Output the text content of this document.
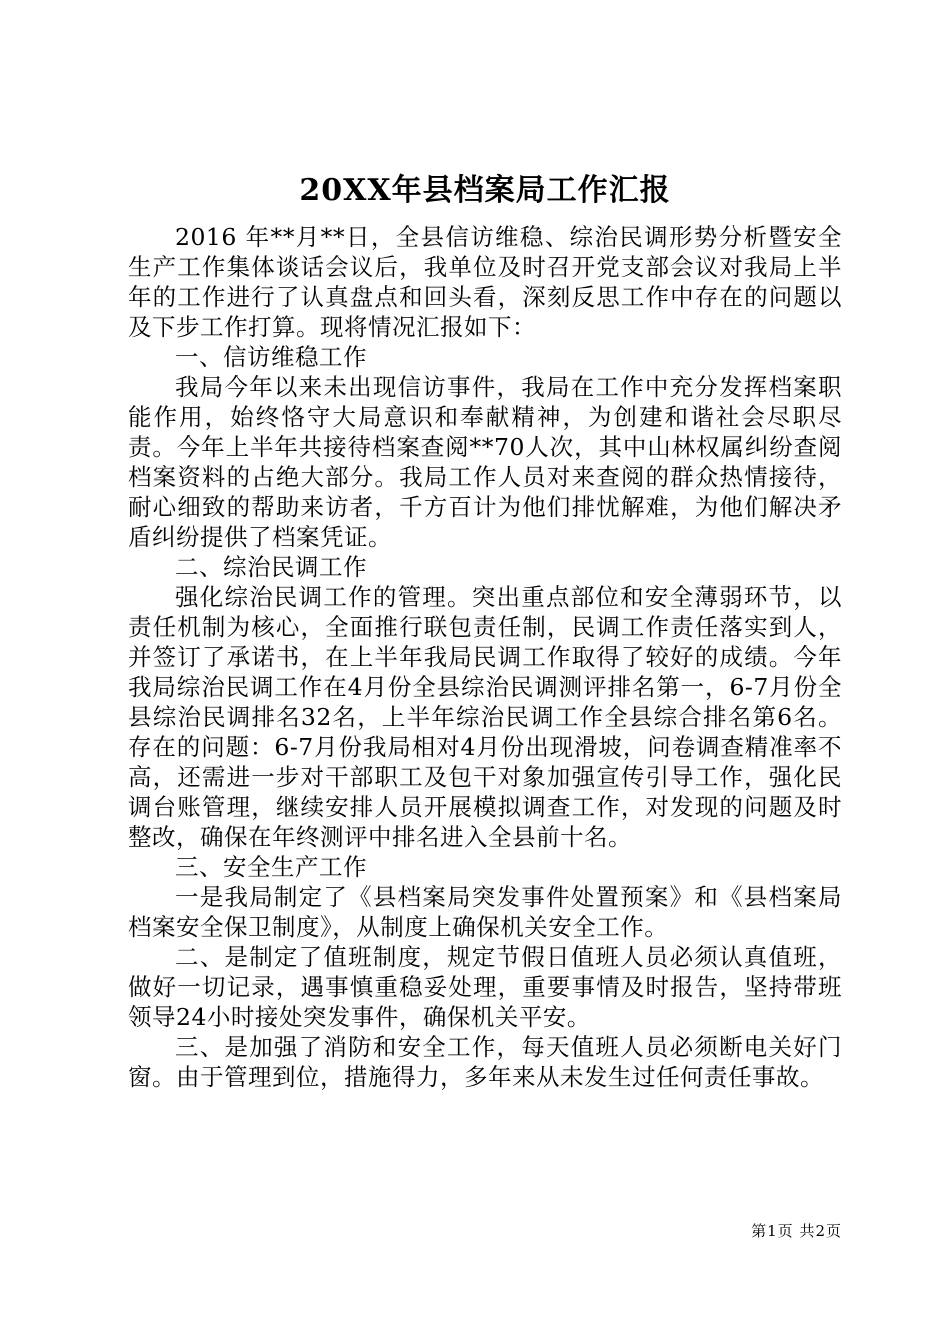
20XX年县档案局工作汇报

2016 年**月**日，全县信访维稳、综治民调形势分析暨安全生产工作集体谈话会议后，我单位及时召开党支部会议对我局上半年的工作进行了认真盘点和回头看，深刻反思工作中存在的问题以及下步工作打算。现将情况汇报如下：

一、信访维稳工作

我局今年以来未出现信访事件，我局在工作中充分发挥档案职能作用，始终恪守大局意识和奉献精神，为创建和谐社会尽职尽责。今年上半年共接待档案查阅**70人次，其中山林权属纠纷查阅档案资料的占绝大部分。我局工作人员对来查阅的群众热情接待，耐心细致的帮助来访者，千方百计为他们排忧解难，为他们解决矛盾纠纷提供了档案凭证。

二、综治民调工作

强化综治民调工作的管理。突出重点部位和安全薄弱环节，以责任机制为核心，全面推行联包责任制，民调工作责任落实到人，并签订了承诺书，在上半年我局民调工作取得了较好的成绩。今年我局综治民调工作在4月份全县综治民调测评排名第一，6-7月份全县综治民调排名32名，上半年综治民调工作全县综合排名第6名。存在的问题：6-7月份我局相对4月份出现滑坡，问卷调查精准率不高，还需进一步对干部职工及包干对象加强宣传引导工作，强化民调台账管理，继续安排人员开展模拟调查工作，对发现的问题及时整改，确保在年终测评中排名进入全县前十名。

三、安全生产工作

一是我局制定了《县档案局突发事件处置预案》和《县档案局档案安全保卫制度》，从制度上确保机关安全工作。

二、是制定了值班制度，规定节假日值班人员必须认真值班，做好一切记录，遇事慎重稳妥处理，重要事情及时报告，坚持带班领导24小时接处突发事件，确保机关平安。

三、是加强了消防和安全工作，每天值班人员必须断电关好门窗。由于管理到位，措施得力，多年来从未发生过任何责任事故。

第1页 共2页
